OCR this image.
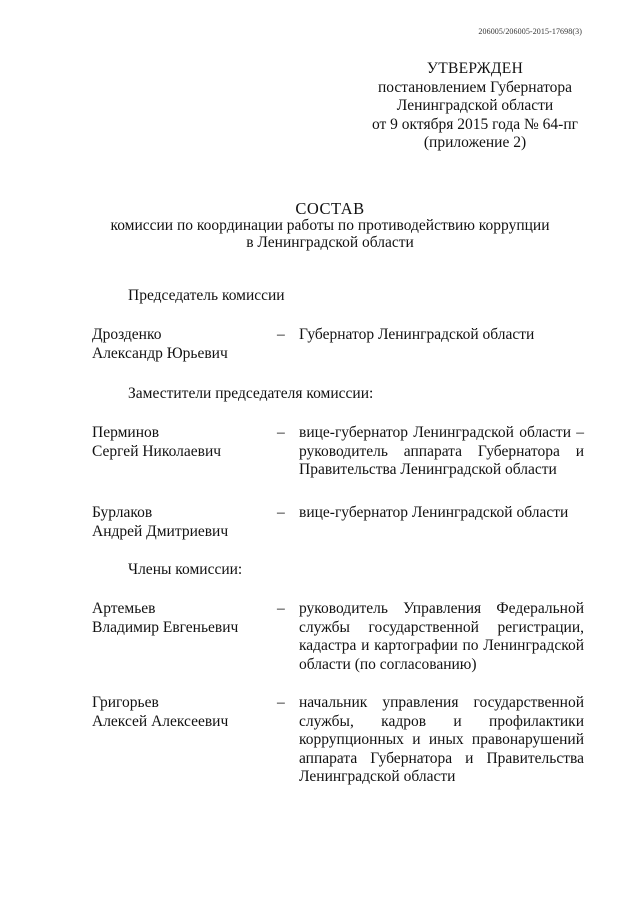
206005/206005-2015-17698(3)
УТВЕРЖДЕН
постановлением Губернатора
Ленинградской области
от 9 октября 2015 года № 64-пг
(приложение 2)
СОСТАВ
комиссии по координации работы по противодействию коррупции
в Ленинградской области
Председатель комиссии
Дрозденко
Александр Юрьевич
– Губернатор Ленинградской области
Заместители председателя комиссии:
Перминов
Сергей Николаевич
– вице-губернатор Ленинградской области – руководитель аппарата Губернатора и Правительства Ленинградской области
Бурлаков
Андрей Дмитриевич
– вице-губернатор Ленинградской области
Члены комиссии:
Артемьев
Владимир Евгеньевич
– руководитель Управления Федеральной службы государственной регистрации, кадастра и картографии по Ленинградской области (по согласованию)
Григорьев
Алексей Алексеевич
– начальник управления государственной службы, кадров и профилактики коррупционных и иных правонарушений аппарата Губернатора и Правительства Ленинградской области
